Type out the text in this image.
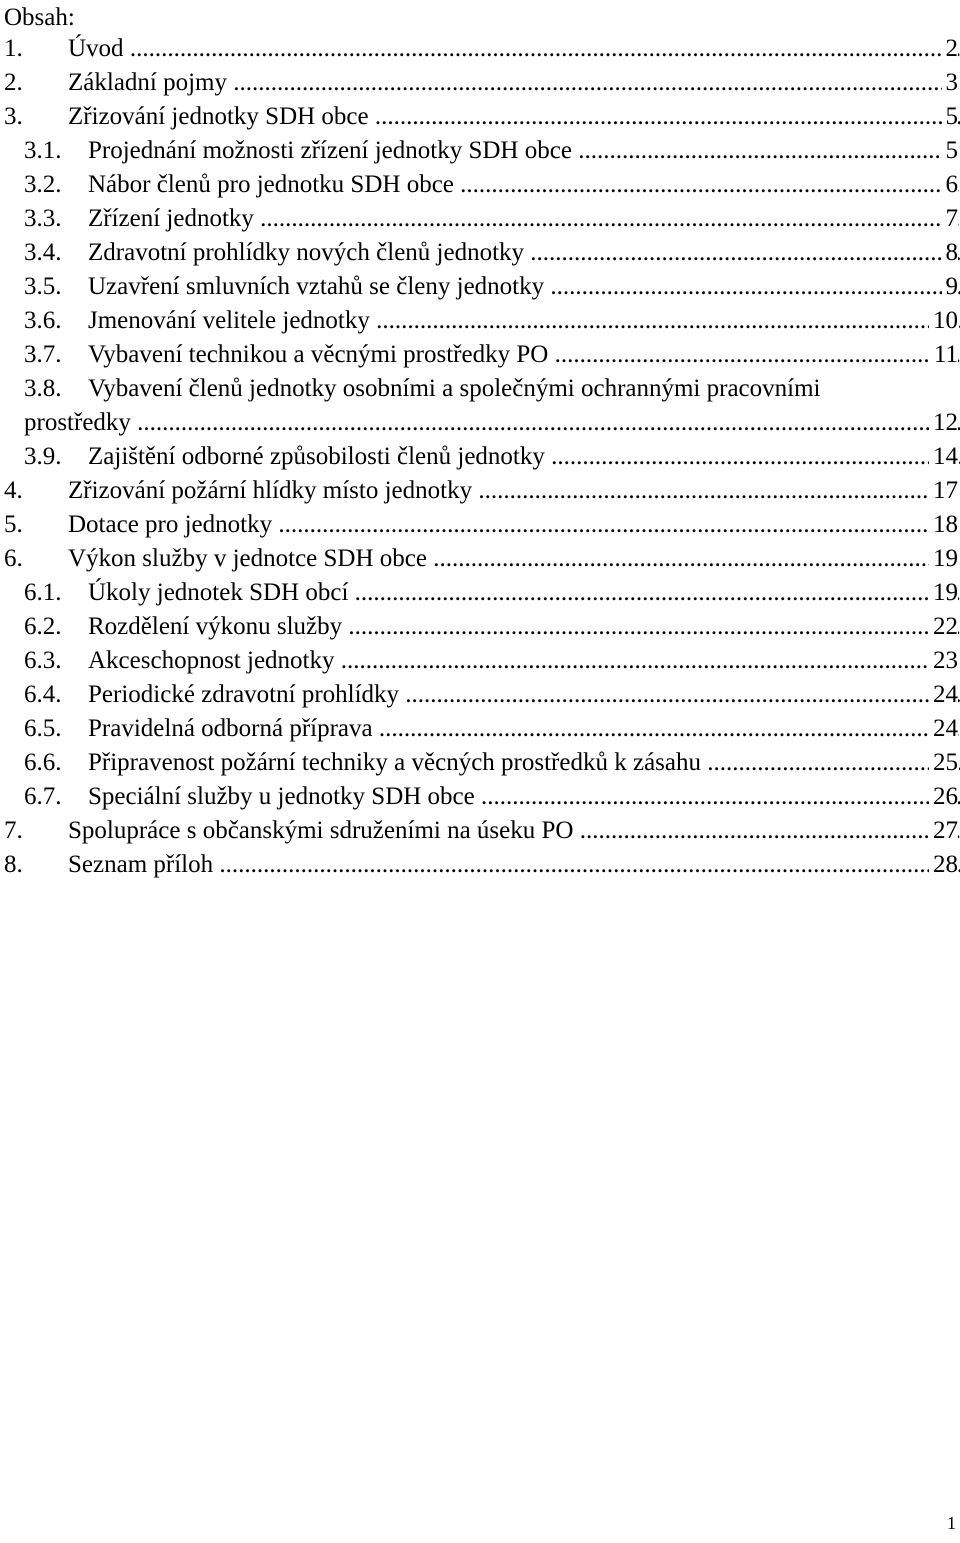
Obsah:
1. Úvod .....	2
2. Základní pojmy .....	3
3. Zřizování jednotky SDH obce .....	5
3.1. Projednání možnosti zřízení jednotky SDH obce .....	5
3.2. Nábor členů pro jednotku SDH obce .....	6
3.3. Zřízení jednotky .....	7
3.4. Zdravotní prohlídky nových členů jednotky .....	8
3.5. Uzavření smluvních vztahů se členy jednotky .....	9
3.6. Jmenování velitele jednotky .....	10
3.7. Vybavení technikou a věcnými prostředky PO .....	11
3.8. Vybavení členů jednotky osobními a společnými ochrannými pracovními
prostředky .....	12
3.9. Zajištění odborné způsobilosti členů jednotky .....	14
4. Zřizování požární hlídky místo jednotky .....	17
5. Dotace pro jednotky .....	18
6. Výkon služby v jednotce SDH obce .....	19
6.1. Úkoly jednotek SDH obcí .....	19
6.2. Rozdělení výkonu služby .....	22
6.3. Akceschopnost jednotky .....	23
6.4. Periodické zdravotní prohlídky .....	24
6.5. Pravidelná odborná příprava .....	24
6.6. Připravenost požární techniky a věcných prostředků k zásahu .....	25
6.7. Speciální služby u jednotky SDH obce .....	26
7. Spolupráce s občanskými sdruženími na úseku PO .....	27
8. Seznam příloh .....	28
1
